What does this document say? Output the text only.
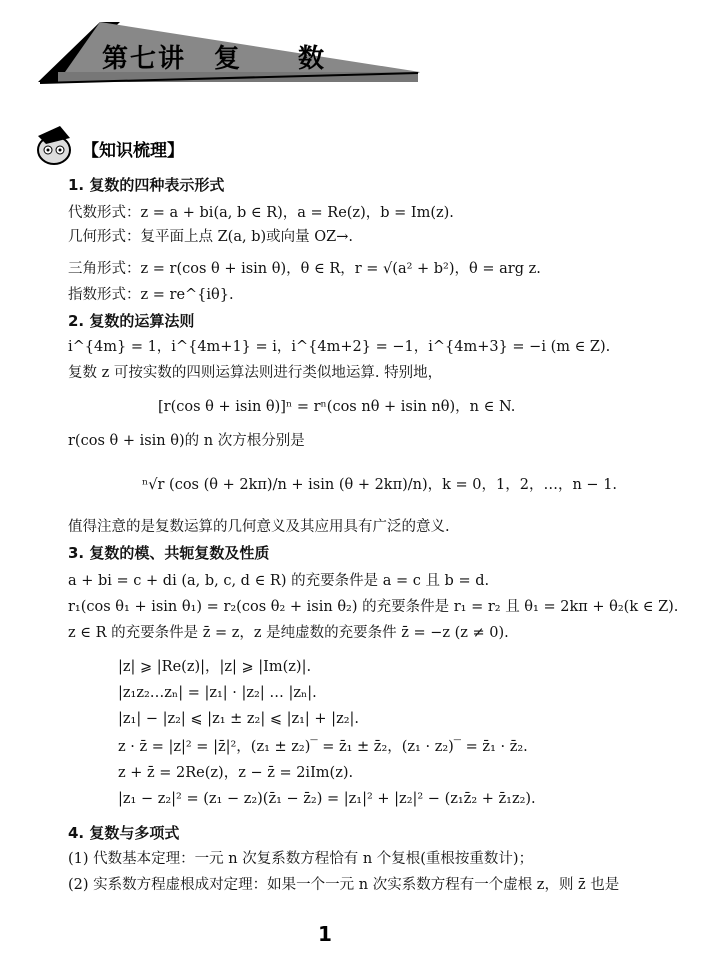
第七讲　复　　数
【知识梳理】
1. 复数的四种表示形式
代数形式：z = a + bi(a, b ∈ R)，a = Re(z)，b = Im(z).
几何形式：复平面上点 Z(a, b)或向量 OZ→.
三角形式：z = r(cos θ + isin θ)，θ ∈ R，r = √(a² + b²)，θ = arg z.
指数形式：z = re^{iθ}.
2. 复数的运算法则
i^{4m} = 1，i^{4m+1} = i，i^{4m+2} = −1，i^{4m+3} = −i (m ∈ Z).
复数 z 可按实数的四则运算法则进行类似地运算. 特别地，
[r(cos θ + isin θ)]ⁿ = rⁿ(cos nθ + isin nθ)，n ∈ N.
r(cos θ + isin θ)的 n 次方根分别是
ⁿ√r (cos (θ + 2kπ)/n + isin (θ + 2kπ)/n)，k = 0，1，2，…，n − 1.
值得注意的是复数运算的几何意义及其应用具有广泛的意义.
3. 复数的模、共轭复数及性质
a + bi = c + di (a, b, c, d ∈ R) 的充要条件是 a = c 且 b = d.
r₁(cos θ₁ + isin θ₁) = r₂(cos θ₂ + isin θ₂) 的充要条件是 r₁ = r₂ 且 θ₁ = 2kπ + θ₂(k ∈ Z).
z ∈ R 的充要条件是 z̄ = z，z 是纯虚数的充要条件 z̄ = −z (z ≠ 0).
|z| ⩾ |Re(z)|，|z| ⩾ |Im(z)|.
|z₁z₂…zₙ| = |z₁| · |z₂| … |zₙ|.
|z₁| − |z₂| ⩽ |z₁ ± z₂| ⩽ |z₁| + |z₂|.
z · z̄ = |z|² = |z̄|²，(z₁ ± z₂)‾ = z̄₁ ± z̄₂，(z₁ · z₂)‾ = z̄₁ · z̄₂.
z + z̄ = 2Re(z)，z − z̄ = 2iIm(z).
|z₁ − z₂|² = (z₁ − z₂)(z̄₁ − z̄₂) = |z₁|² + |z₂|² − (z₁z̄₂ + z̄₁z₂).
4. 复数与多项式
(1) 代数基本定理：一元 n 次复系数方程恰有 n 个复根(重根按重数计)；
(2) 实系数方程虚根成对定理：如果一个一元 n 次实系数方程有一个虚根 z，则 z̄ 也是
1
